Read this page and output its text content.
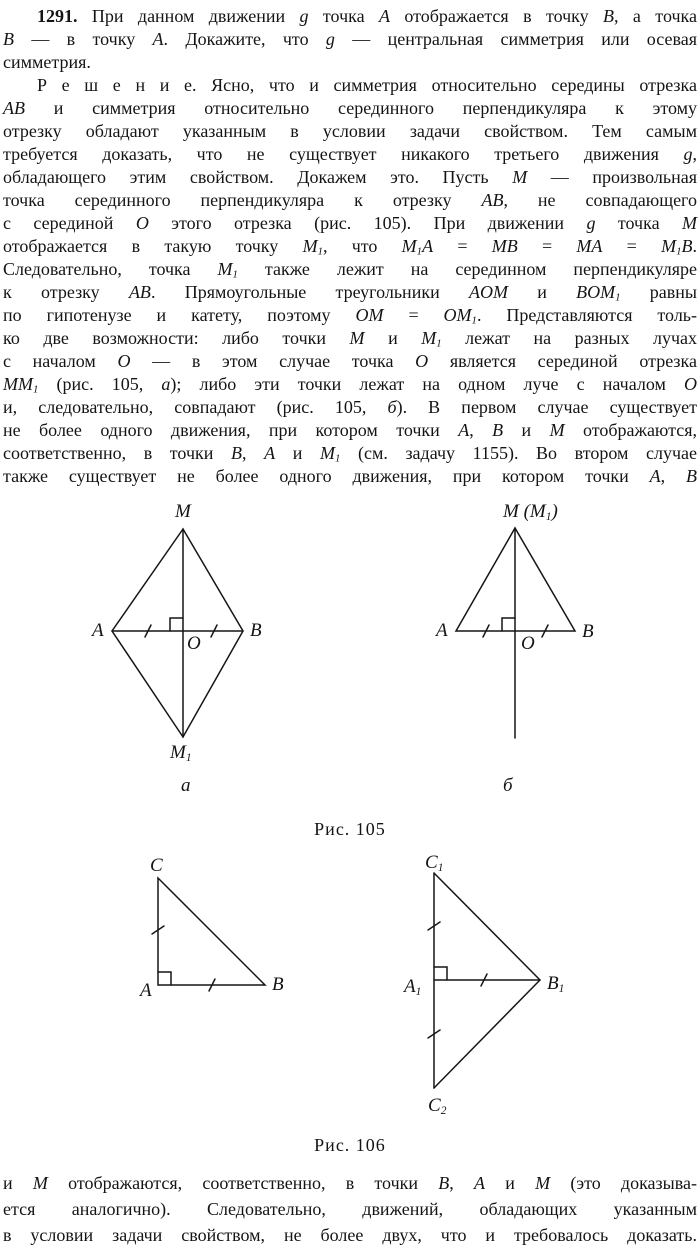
1291. При данном движении g точка A отображается в точку B, а точка
B — в точку A. Докажите, что g — центральная симметрия или осевая
симметрия.
Р е ш е н и е. Ясно, что и симметрия относительно середины отрезка
AB и симметрия относительно серединного перпендикуляра к этому
отрезку обладают указанным в условии задачи свойством. Тем самым
требуется доказать, что не существует никакого третьего движения g,
обладающего этим свойством. Докажем это. Пусть M — произвольная
точка серединного перпендикуляра к отрезку AB, не совпадающего
с серединой O этого отрезка (рис. 105). При движении g точка M
отображается в такую точку $M_1$, что $M_1A$ = MB = MA = $M_1B$.
Следовательно, точка $M_1$ также лежит на серединном перпендикуляре
к отрезку AB. Прямоугольные треугольники AOM и $BOM_1$ равны
по гипотенузе и катету, поэтому OM = $OM_1$. Представляются толь-
ко две возможности: либо точки M и $M_1$ лежат на разных лучах
с началом O — в этом случае точка O является серединой отрезка
$MM_1$ (рис. 105, а); либо эти точки лежат на одном луче с началом O
и, следовательно, совпадают (рис. 105, б). В первом случае существует
не более одного движения, при котором точки A, B и M отображаются,
соответственно, в точки B, A и $M_1$ (см. задачу 1155). Во втором случае
также существует не более одного движения, при котором точки A, B
M
A	B
O
$M_1$
а
M $(M_1)$
A	B
O
б
Рис. 105
C
A	B
$C_1$
$A_1$	$B_1$
$C_2$
Рис. 106
и M отображаются, соответственно, в точки B, A и M (это доказыва-
ется аналогично). Следовательно, движений, обладающих указанным
в условии задачи свойством, не более двух, что и требовалось доказать.
